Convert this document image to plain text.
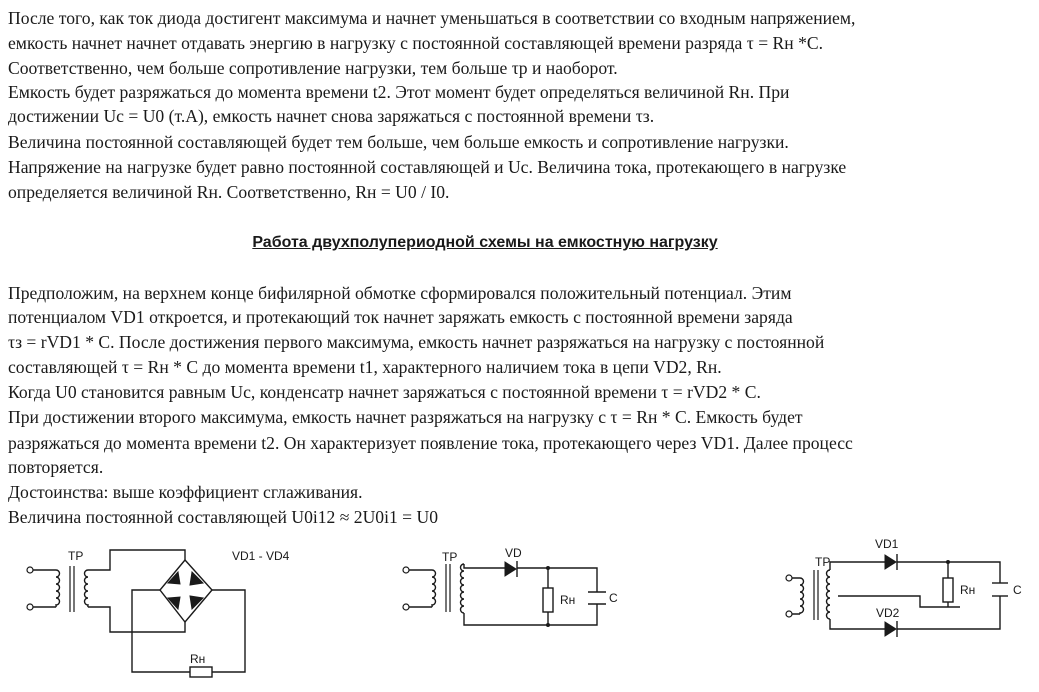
После того, как ток диода достигент максимума и начнет уменьшаться в соответствии со входным напряжением,

емкость начнет начнет отдавать энергию в нагрузку с постоянной составляющей времени разряда τ = Rн *C.

Соответственно, чем больше сопротивление нагрузки, тем больше τр и наоборот.

Емкость будет разряжаться до момента времени t2. Этот момент будет определяться величиной Rн. При

достижении Uc = U0 (т.А), емкость начнет снова заряжаться с постоянной времени τз.

Величина постоянной составляющей будет тем больше, чем больше емкость и сопротивление нагрузки.

Напряжение на нагрузке будет равно постоянной составляющей и Uc. Величина тока, протекающего в нагрузке

определяется величиной Rн. Соответственно, Rн = U0 / I0.

Работа двухполупериодной схемы на емкостную нагрузку

Предположим, на верхнем конце бифилярной обмотке сформировался положительный потенциал. Этим

потенциалом VD1 откроется, и протекающий ток начнет заряжать емкость с постоянной времени заряда

τз = rVD1 * C. После достижения первого максимума, емкость начнет разряжаться на нагрузку с постоянной

составляющей τ = Rн * C до момента времени t1, характерного наличием тока в цепи VD2, Rн.

Когда U0 становится равным Uc, конденсатр начнет заряжаться с постоянной времени τ = rVD2 * C.

При достижении второго максимума, емкость начнет разряжаться на нагрузку с τ = Rн * C. Емкость будет

разряжаться до момента времени t2. Он характеризует появление тока, протекающего через VD1. Далее процесс

повторяется.

Достоинства: выше коэффициент сглаживания.

Величина постоянной составляющей U0i12 ≈ 2U0i1 = U0

ТР	VD1 - VD4
Rн
ТР	VD
Rн	C
ТР
VD1
VD2
Rн	C
